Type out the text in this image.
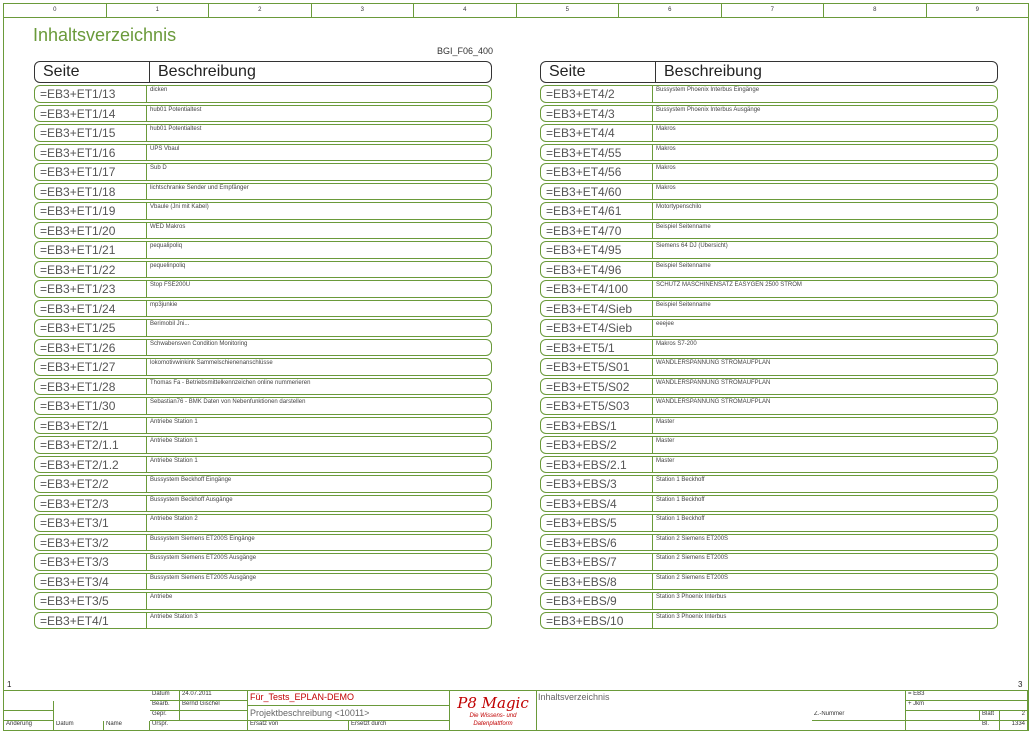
0	1	2	3	4	5	6	7	8	9
Inhaltsverzeichnis
BGI_F06_400
Seite	Beschreibung
=EB3+ET1/13	dicken
=EB3+ET1/14	hub01 Potentialtest
=EB3+ET1/15	hub01 Potentialtest
=EB3+ET1/16	UPS Vbaul
=EB3+ET1/17	Sub D
=EB3+ET1/18	lichtschranke Sender und Empfänger
=EB3+ET1/19	Vbaule (Jni mit Kabel)
=EB3+ET1/20	WED Makros
=EB3+ET1/21	pequalipoliq
=EB3+ET1/22	pequelinpoliq
=EB3+ET1/23	Stop FSE200U
=EB3+ET1/24	mp3junkie
=EB3+ET1/25	Berimobil Jni...
=EB3+ET1/26	Schwabensven Condition Monitoring
=EB3+ET1/27	lokomotivwinkink Sammelschienenanschlüsse
=EB3+ET1/28	Thomas Fa - Betriebsmittelkennzeichen online nummerieren
=EB3+ET1/30	Sebastian76 - BMK Daten von Nebenfunktionen darstellen
=EB3+ET2/1	Antriebe Station 1
=EB3+ET2/1.1	Antriebe Station 1
=EB3+ET2/1.2	Antriebe Station 1
=EB3+ET2/2	Bussystem Beckhoff Eingänge
=EB3+ET2/3	Bussystem Beckhoff Ausgänge
=EB3+ET3/1	Antriebe Station 2
=EB3+ET3/2	Bussystem Siemens ET200S Eingänge
=EB3+ET3/3	Bussystem Siemens ET200S Ausgänge
=EB3+ET3/4	Bussystem Siemens ET200S Ausgänge
=EB3+ET3/5	Antriebe
=EB3+ET4/1	Antriebe Station 3
Seite	Beschreibung
=EB3+ET4/2	Bussystem Phoenix Interbus Eingänge
=EB3+ET4/3	Bussystem Phoenix Interbus Ausgänge
=EB3+ET4/4	Makros
=EB3+ET4/55	Makros
=EB3+ET4/56	Makros
=EB3+ET4/60	Makros
=EB3+ET4/61	Motortypenschilo
=EB3+ET4/70	Beispiel Seitenname
=EB3+ET4/95	Siemens 64 DJ (Übersicht)
=EB3+ET4/96	Beispiel Seitenname
=EB3+ET4/100	SCHUTZ MASCHINENSATZ EASYGEN 2500 STROM
=EB3+ET4/Sieb	Beispiel Seitenname
=EB3+ET4/Sieb	eeejee
=EB3+ET5/1	Makros S7-200
=EB3+ET5/S01	WANDLERSPANNUNG STROMAUFPLAN
=EB3+ET5/S02	WANDLERSPANNUNG STROMAUFPLAN
=EB3+ET5/S03	WANDLERSPANNUNG STROMAUFPLAN
=EB3+EBS/1	Master
=EB3+EBS/2	Master
=EB3+EBS/2.1	Master
=EB3+EBS/3	Station 1 Beckhoff
=EB3+EBS/4	Station 1 Beckhoff
=EB3+EBS/5	Station 1 Beckhoff
=EB3+EBS/6	Station 2 Siemens ET200S
=EB3+EBS/7	Station 2 Siemens ET200S
=EB3+EBS/8	Station 2 Siemens ET200S
=EB3+EBS/9	Station 3 Phoenix Interbus
=EB3+EBS/10	Station 3 Phoenix Interbus
1	3
Änderung	Datum	Name
Datum	24.07.2011
Bearb.	Bernd Gischel
Gepr.
Urspr.
Für_Tests_EPLAN-DEMO
Projektbeschreibung <10011>
Ersatz von	Ersetzt durch
P8 Magic
Die Wissens- und
Datenplattform
Inhaltsverzeichnis	= EB3
+ Jkm
Z.-Nummer	Blatt	2
Bl.	1334
